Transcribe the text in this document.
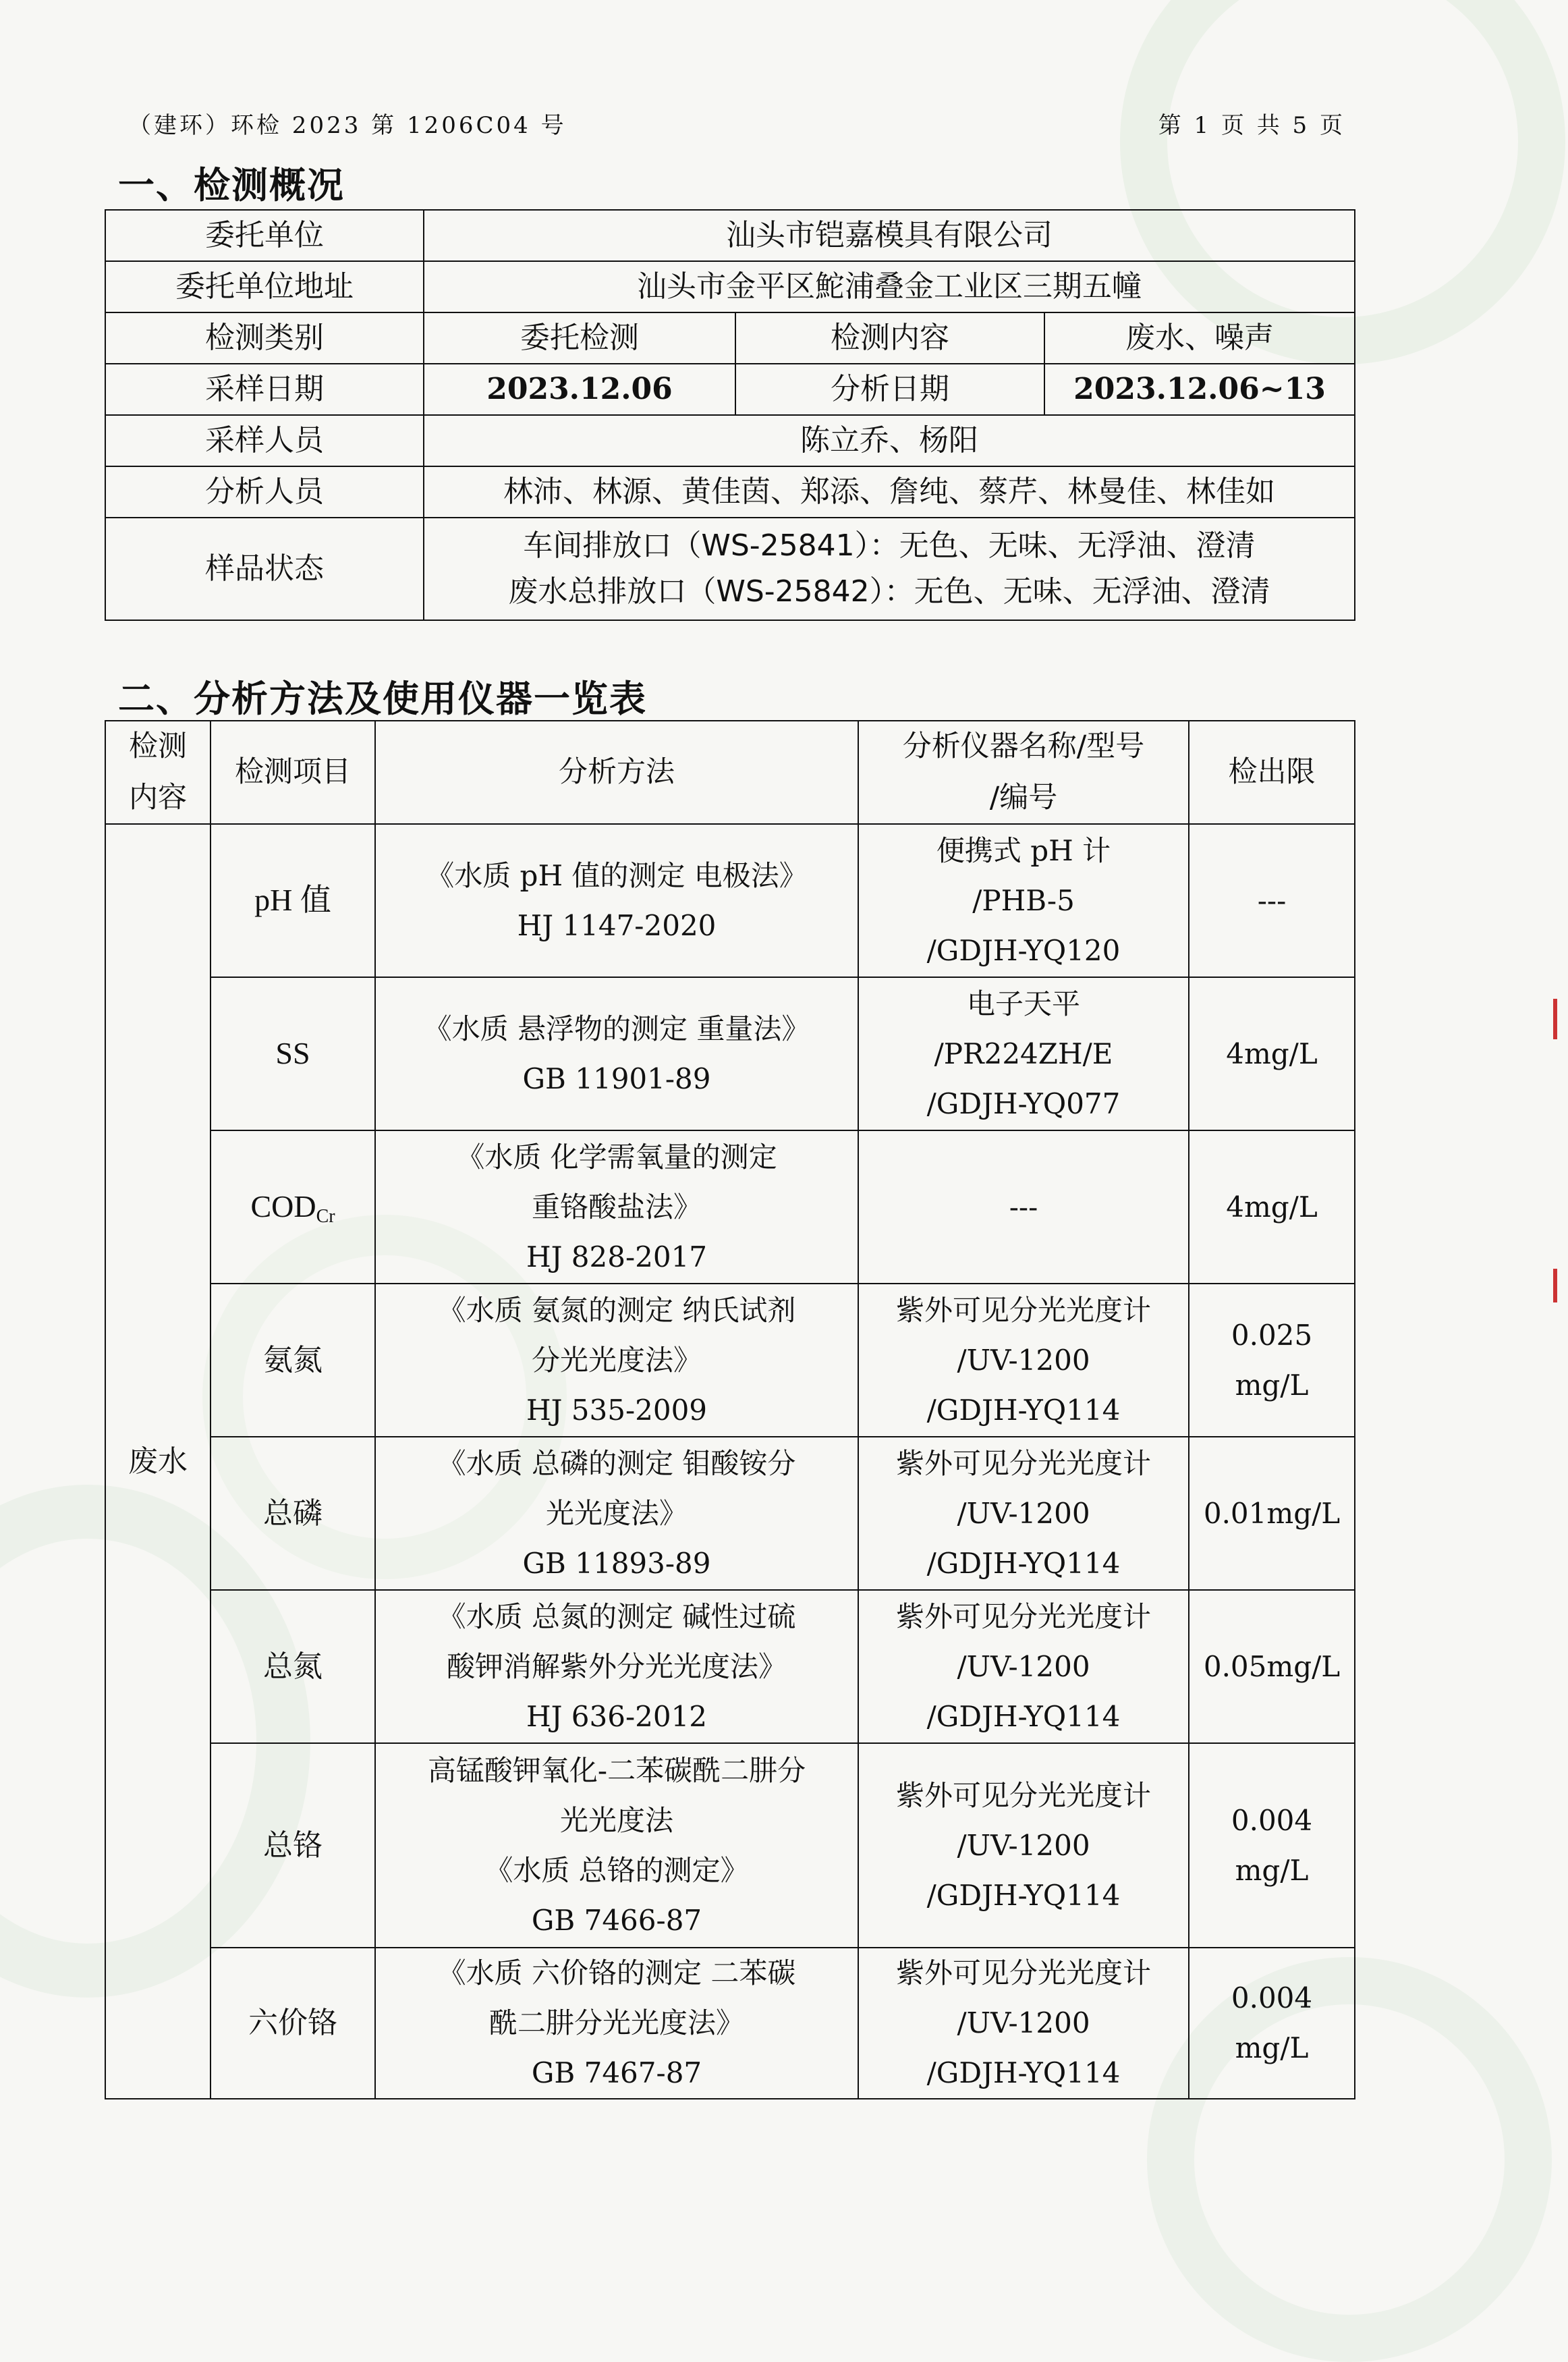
（建环）环检 2023 第 1206C04 号	第 1 页 共 5 页
一、检测概况
委托单位	汕头市铠嘉模具有限公司		
委托单位地址	汕头市金平区鮀浦叠金工业区三期五幢		
检测类别	委托检测	检测内容	废水、噪声
采样日期	2023.12.06	分析日期	2023.12.06~13
采样人员	陈立乔、杨阳		
分析人员	林沛、林源、黄佳茵、郑添、詹纯、蔡芹、林曼佳、林佳如		
样品状态	车间排放口（WS-25841）：无色、无味、无浮油、澄清
废水总排放口（WS-25842）：无色、无味、无浮油、澄清		
二、分析方法及使用仪器一览表
检测
内容	检测项目	分析方法	分析仪器名称/型号
/编号	检出限
废水	pH 值	《水质 pH 值的测定 电极法》
HJ 1147-2020	便携式 pH 计
/PHB-5
/GDJH-YQ120	---
	SS	《水质 悬浮物的测定 重量法》
GB 11901-89	电子天平
/PR224ZH/E
/GDJH-YQ077	4mg/L
	$COD_{Cr}$	《水质 化学需氧量的测定
重铬酸盐法》
HJ 828-2017	---	4mg/L
	氨氮	《水质 氨氮的测定 纳氏试剂
分光光度法》
HJ 535-2009	紫外可见分光光度计
/UV-1200
/GDJH-YQ114	0.025
mg/L
	总磷	《水质 总磷的测定 钼酸铵分
光光度法》
GB 11893-89	紫外可见分光光度计
/UV-1200
/GDJH-YQ114	0.01mg/L
	总氮	《水质 总氮的测定 碱性过硫
酸钾消解紫外分光光度法》
HJ 636-2012	紫外可见分光光度计
/UV-1200
/GDJH-YQ114	0.05mg/L
	总铬	高锰酸钾氧化-二苯碳酰二肼分
光光度法
《水质 总铬的测定》
GB 7466-87	紫外可见分光光度计
/UV-1200
/GDJH-YQ114	0.004
mg/L
	六价铬	《水质 六价铬的测定 二苯碳
酰二肼分光光度法》
GB 7467-87	紫外可见分光光度计
/UV-1200
/GDJH-YQ114	0.004
mg/L
